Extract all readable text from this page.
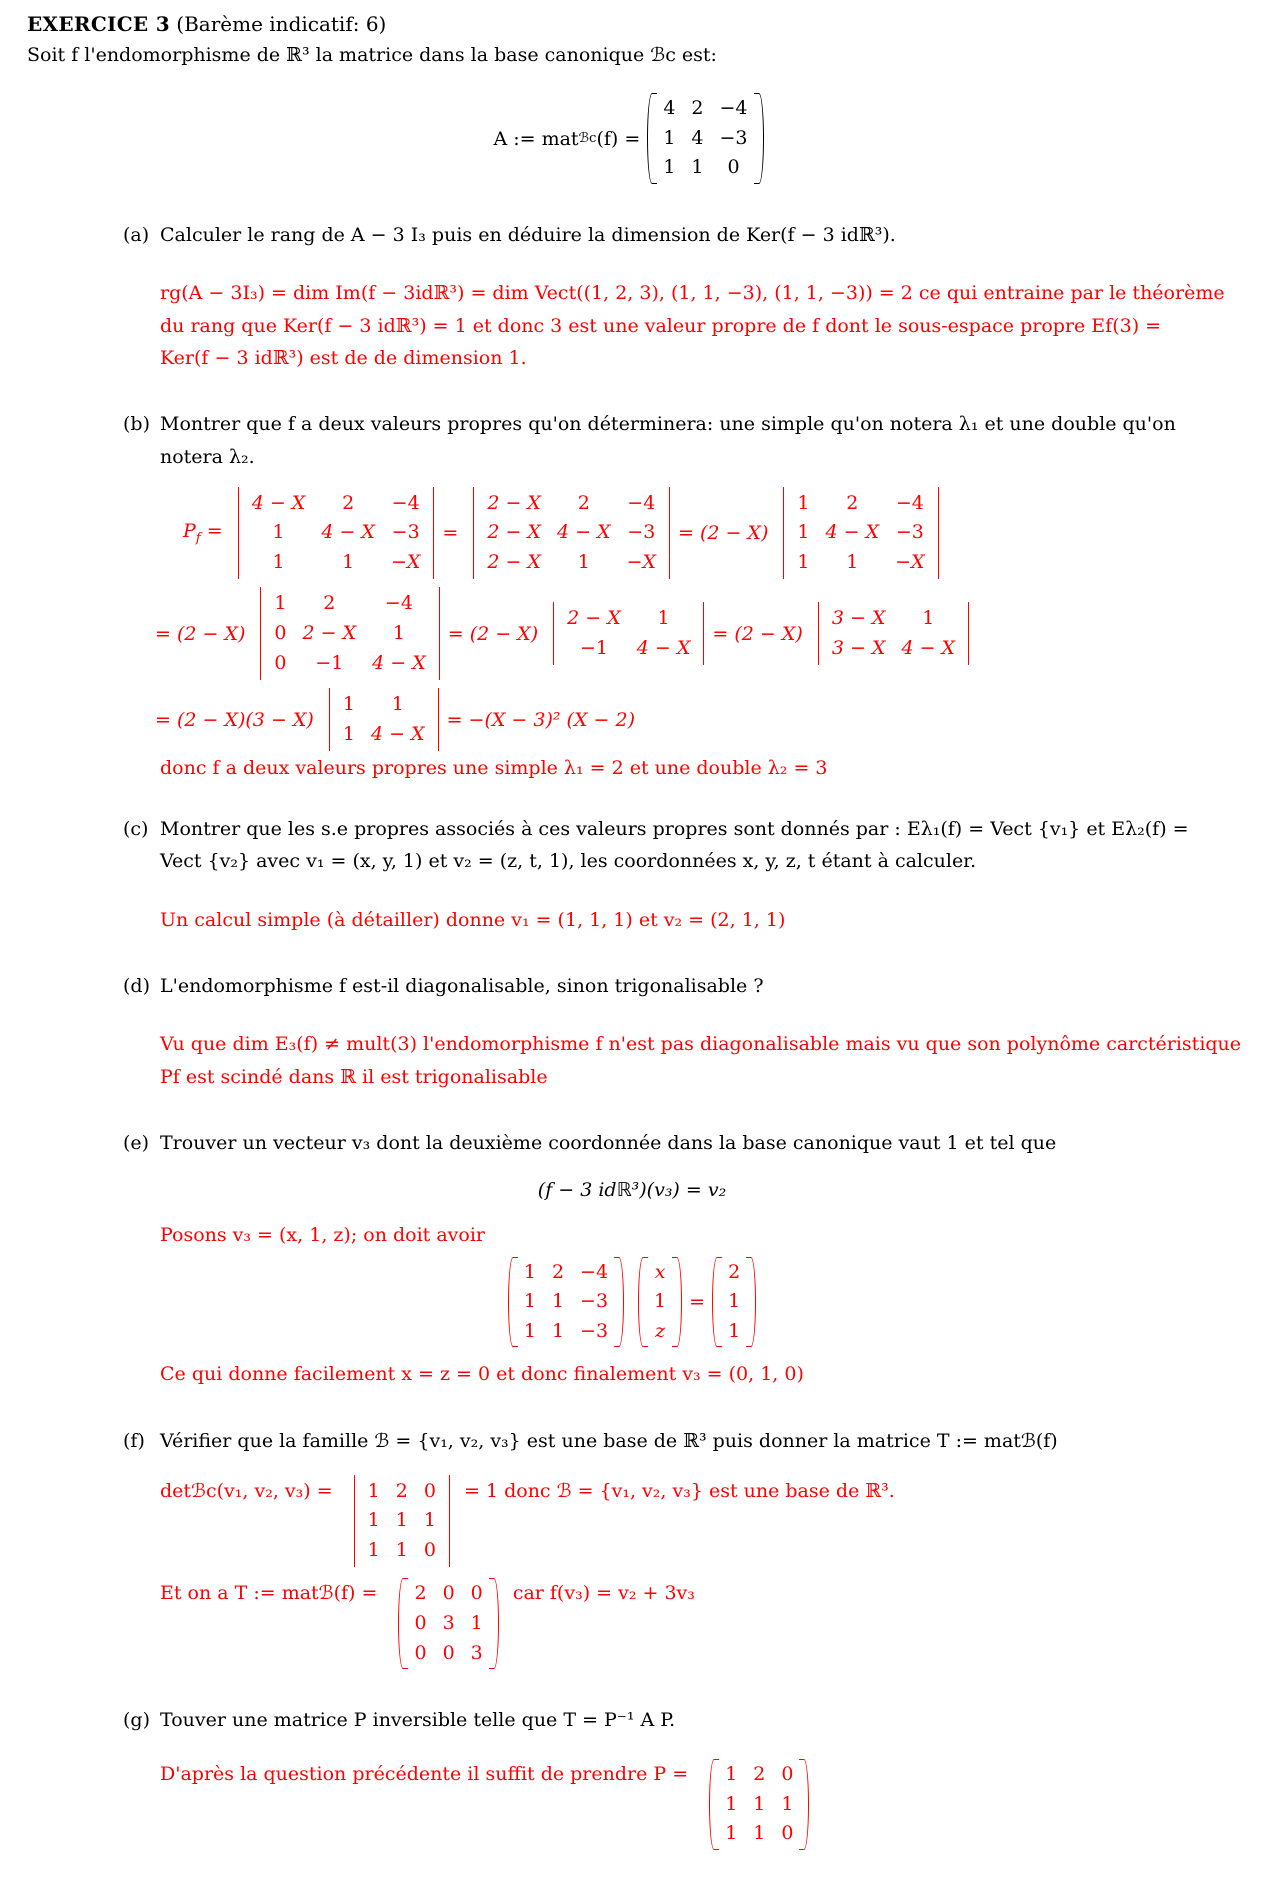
EXERCICE 3 (Barème indicatif: 6)
Soit f l'endomorphisme de ℝ³ la matrice dans la base canonique ℬc est:
A := mat ℬc (f) =
4 2 −4
1 4 −3
1 1 0
(a) Calculer le rang de A − 3 I₃ puis en déduire la dimension de Ker(f − 3 idℝ³).
rg(A − 3I₃) = dim Im(f − 3idℝ³) = dim Vect((1, 2, 3), (1, 1, −3), (1, 1, −3)) = 2 ce qui entraine par le théorème
du rang que Ker(f − 3 idℝ³) = 1 et donc 3 est une valeur propre de f dont le sous-espace propre Ef(3) =
Ker(f − 3 idℝ³) est de de dimension 1.
(b) Montrer que f a deux valeurs propres qu'on déterminera: une simple qu'on notera λ₁ et une double qu'on
notera λ₂.
$P_f$ =
4 − X 2 −4
1 4 − X −3
1	1 −X
=
2 − X 2 −4
2 − X 4 − X −3
2 − X 1 −X
= (2 − X)
1 2 −4
1 4 − X −3
1 1 −X
= (2 − X)
1 2	−4
0 2 − X 1
0 −1 4 − X
= (2 − X)
2 − X 1
−1 4 − X
= (2 − X)
3 − X 1
3 − X 4 − X
= (2 − X)(3 − X)
1 1
1 4 − X
= −(X − 3)² (X − 2)
donc f a deux valeurs propres une simple λ₁ = 2 et une double λ₂ = 3
(c) Montrer que les s.e propres associés à ces valeurs propres sont donnés par : Eλ₁(f) = Vect {v₁} et Eλ₂(f) =
Vect {v₂} avec v₁ = (x, y, 1) et v₂ = (z, t, 1), les coordonnées x, y, z, t étant à calculer.
Un calcul simple (à détailler) donne v₁ = (1, 1, 1) et v₂ = (2, 1, 1)
(d) L'endomorphisme f est-il diagonalisable, sinon trigonalisable ?
Vu que dim E₃(f) ≠ mult(3) l'endomorphisme f n'est pas diagonalisable mais vu que son polynôme carctéristique
Pf est scindé dans ℝ il est trigonalisable
(e) Trouver un vecteur v₃ dont la deuxième coordonnée dans la base canonique vaut 1 et tel que
(f − 3 idℝ³)(v₃) = v₂
Posons v₃ = (x, 1, z); on doit avoir
1 2 −4
1 1 −3
1 1 −3
x
1
z
=
2
1
1
Ce qui donne facilement x = z = 0 et donc finalement v₃ = (0, 1, 0)
(f) Vérifier que la famille ℬ = {v₁, v₂, v₃} est une base de ℝ³ puis donner la matrice T := matℬ(f)
detℬc(v₁, v₂, v₃) = 1 2 0
1 1 1
1 1 0
= 1 donc ℬ = {v₁, v₂, v₃} est une base de ℝ³.
Et on a T := matℬ(f) = 2 0 0
0 3 1
0 0 3
car f(v₃) = v₂ + 3v₃
(g) Touver une matrice P inversible telle que T = P⁻¹ A P.
D'après la question précédente il suffit de prendre P = 1 2 0
1 1 1
1 1 0
